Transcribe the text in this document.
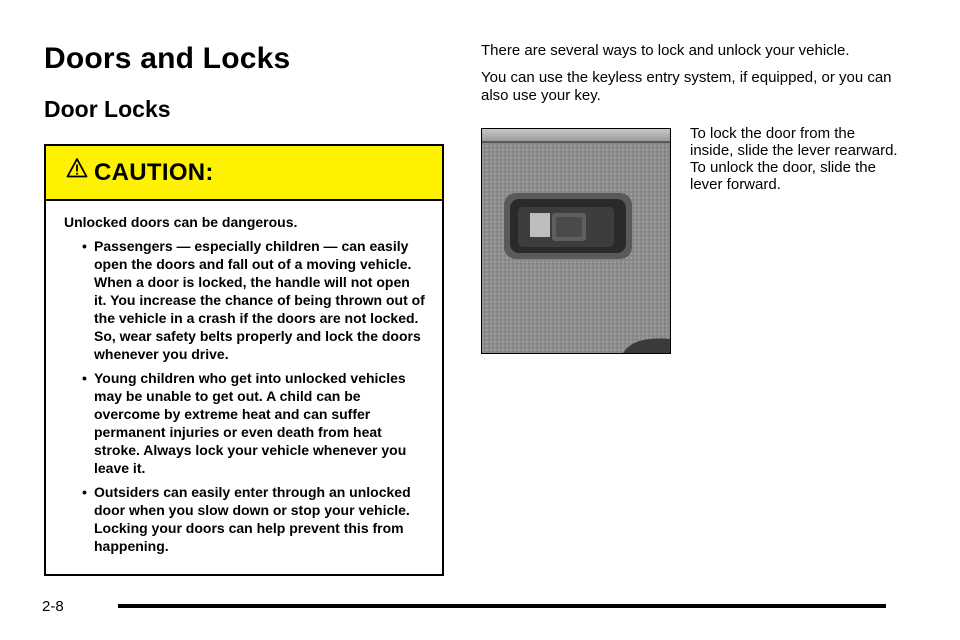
Doors and Locks
Door Locks
CAUTION:

Unlocked doors can be dangerous.

• Passengers — especially children — can easily open the doors and fall out of a moving vehicle. When a door is locked, the handle will not open it. You increase the chance of being thrown out of the vehicle in a crash if the doors are not locked. So, wear safety belts properly and lock the doors whenever you drive.
• Young children who get into unlocked vehicles may be unable to get out. A child can be overcome by extreme heat and can suffer permanent injuries or even death from heat stroke. Always lock your vehicle whenever you leave it.
• Outsiders can easily enter through an unlocked door when you slow down or stop your vehicle. Locking your doors can help prevent this from happening.

There are several ways to lock and unlock your vehicle.

You can use the keyless entry system, if equipped, or you can also use your key.

To lock the door from the inside, slide the lever rearward. To unlock the door, slide the lever forward.

2-8
